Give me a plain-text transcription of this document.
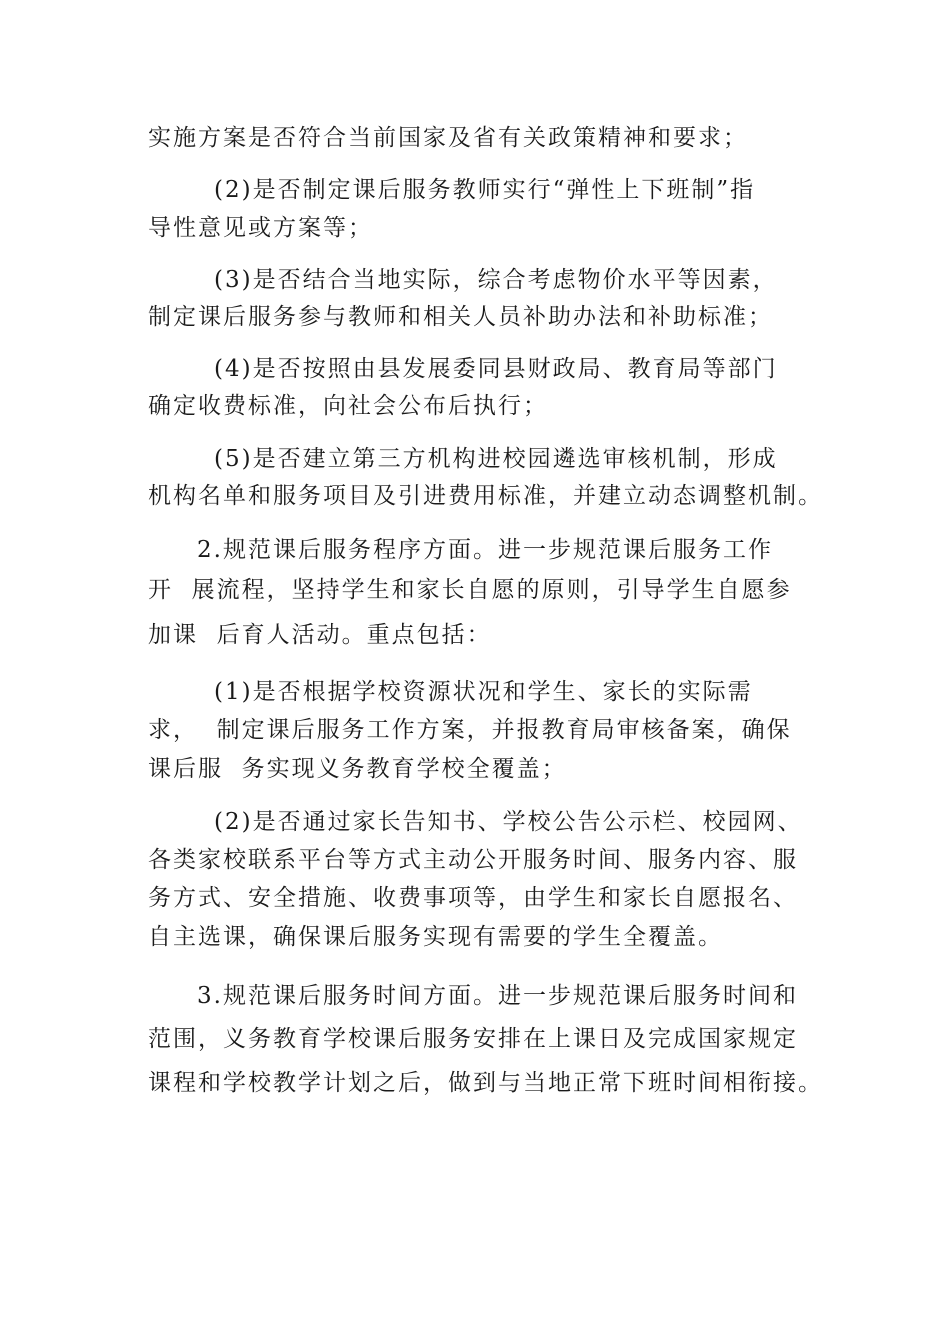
实施方案是否符合当前国家及省有关政策精神和要求；
(2)是否制定课后服务教师实行“弹性上下班制”指
导性意见或方案等；
(3)是否结合当地实际，综合考虑物价水平等因素，
制定课后服务参与教师和相关人员补助办法和补助标准；
(4)是否按照由县发展委同县财政局、教育局等部门
确定收费标准，向社会公布后执行；
(5)是否建立第三方机构进校园遴选审核机制，形成
机构名单和服务项目及引进费用标准，并建立动态调整机制。
2.规范课后服务程序方面。进一步规范课后服务工作
开  展流程，坚持学生和家长自愿的原则，引导学生自愿参
加课  后育人活动。重点包括：
(1)是否根据学校资源状况和学生、家长的实际需
求，  制定课后服务工作方案，并报教育局审核备案，确保
课后服  务实现义务教育学校全覆盖；
(2)是否通过家长告知书、学校公告公示栏、校园网、
各类家校联系平台等方式主动公开服务时间、服务内容、服
务方式、安全措施、收费事项等，由学生和家长自愿报名、
自主选课，确保课后服务实现有需要的学生全覆盖。
3.规范课后服务时间方面。进一步规范课后服务时间和
范围，义务教育学校课后服务安排在上课日及完成国家规定
课程和学校教学计划之后，做到与当地正常下班时间相衔接。
